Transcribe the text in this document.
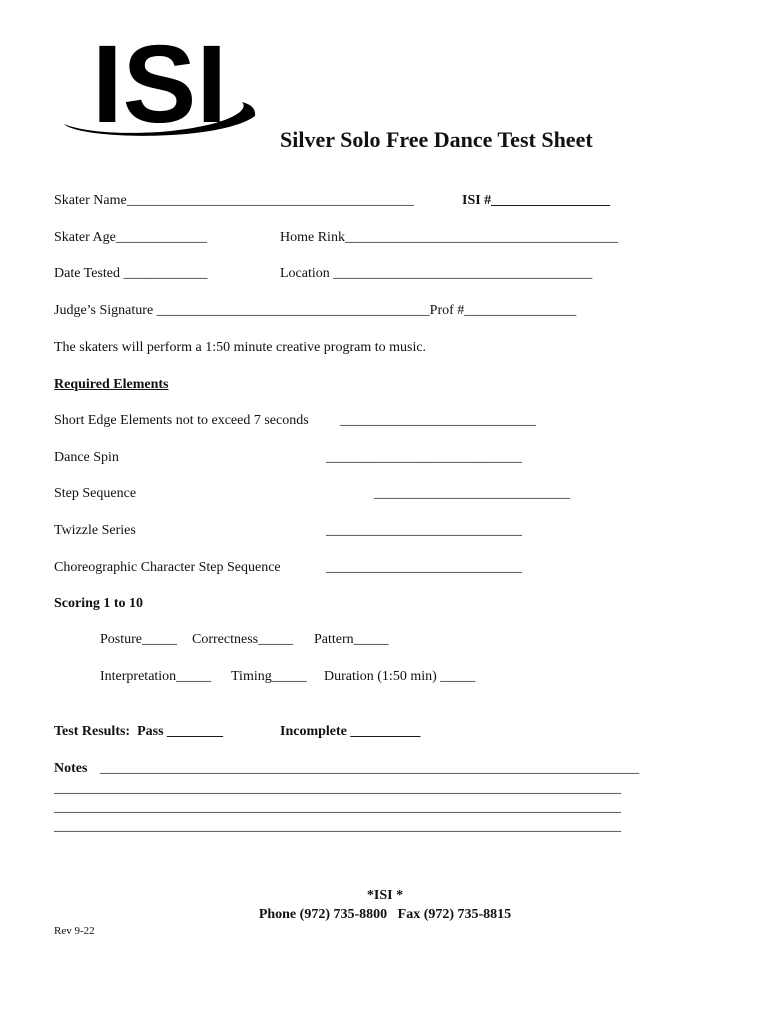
ISI Silver Solo Free Dance Test Sheet
Skater Name_________________________________________	ISI #_________________
Skater Age_____________	Home Rink_______________________________________
Date Tested ____________	Location _____________________________________
Judge’s Signature _______________________________________Prof #________________
The skaters will perform a 1:50 minute creative program to music.
Required Elements
Short Edge Elements not to exceed 7 seconds ____________________________
Dance Spin	____________________________
Step Sequence	____________________________
Twizzle Series	____________________________
Choreographic Character Step Sequence	____________________________
Scoring 1 to 10
Posture_____ Correctness_____ Pattern_____
Interpretation_____ Timing_____ Duration (1:50 min) _____
Test Results:  Pass ________	Incomplete __________
Notes _____________________________________________________________________________
_________________________________________________________________________________
_________________________________________________________________________________
_________________________________________________________________________________
*ISI *
Phone (972) 735-8800   Fax (972) 735-8815
Rev 9-22
